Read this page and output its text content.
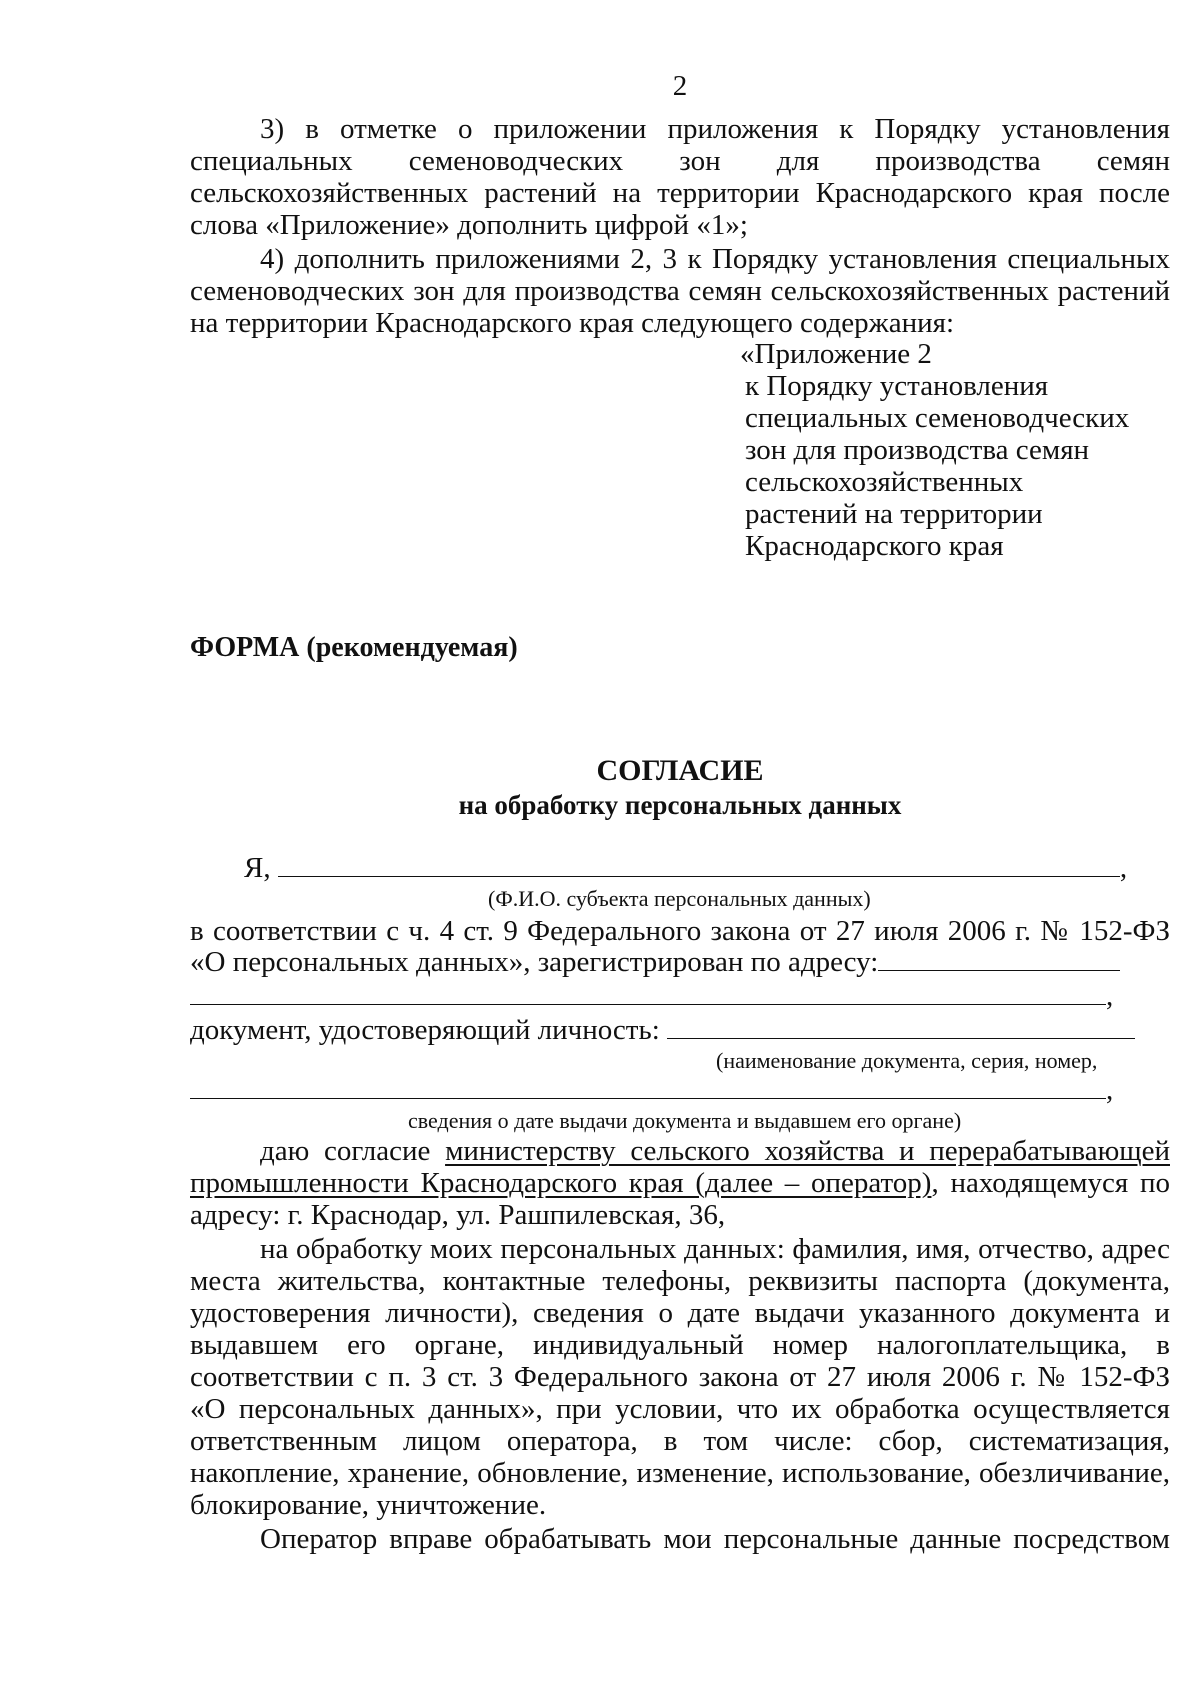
2
3) в отметке о приложении приложения к Порядку установления
специальных семеноводческих зон для производства семян
сельскохозяйственных растений на территории Краснодарского края после
слова «Приложение» дополнить цифрой «1»;
4) дополнить приложениями 2, 3 к Порядку установления специальных
семеноводческих зон для производства семян сельскохозяйственных растений
на территории Краснодарского края следующего содержания:
«Приложение 2
к Порядку установления
специальных семеноводческих
зон для производства семян
сельскохозяйственных
растений на территории
Краснодарского края
ФОРМА (рекомендуемая)
СОГЛАСИЕ
на обработку персональных данных
Я,	,
(Ф.И.О. субъекта персональных данных)
в соответствии с ч. 4 ст. 9 Федерального закона от 27 июля 2006 г. № 152-ФЗ
«О персональных данных», зарегистрирован по адресу:
,
документ, удостоверяющий личность:
(наименование документа, серия, номер,
,
сведения о дате выдачи документа и выдавшем его органе)
даю согласие министерству сельского хозяйства и перерабатывающей
промышленности Краснодарского края (далее – оператор), находящемуся по
адресу: г. Краснодар, ул. Рашпилевская, 36,
на обработку моих персональных данных: фамилия, имя, отчество, адрес
места жительства, контактные телефоны, реквизиты паспорта (документа,
удостоверения личности), сведения о дате выдачи указанного документа и
выдавшем его органе, индивидуальный номер налогоплательщика, в
соответствии с п. 3 ст. 3 Федерального закона от 27 июля 2006 г. № 152-ФЗ
«О персональных данных», при условии, что их обработка осуществляется
ответственным лицом оператора, в том числе: сбор, систематизация,
накопление, хранение, обновление, изменение, использование, обезличивание,
блокирование, уничтожение.
Оператор вправе обрабатывать мои персональные данные посредством
